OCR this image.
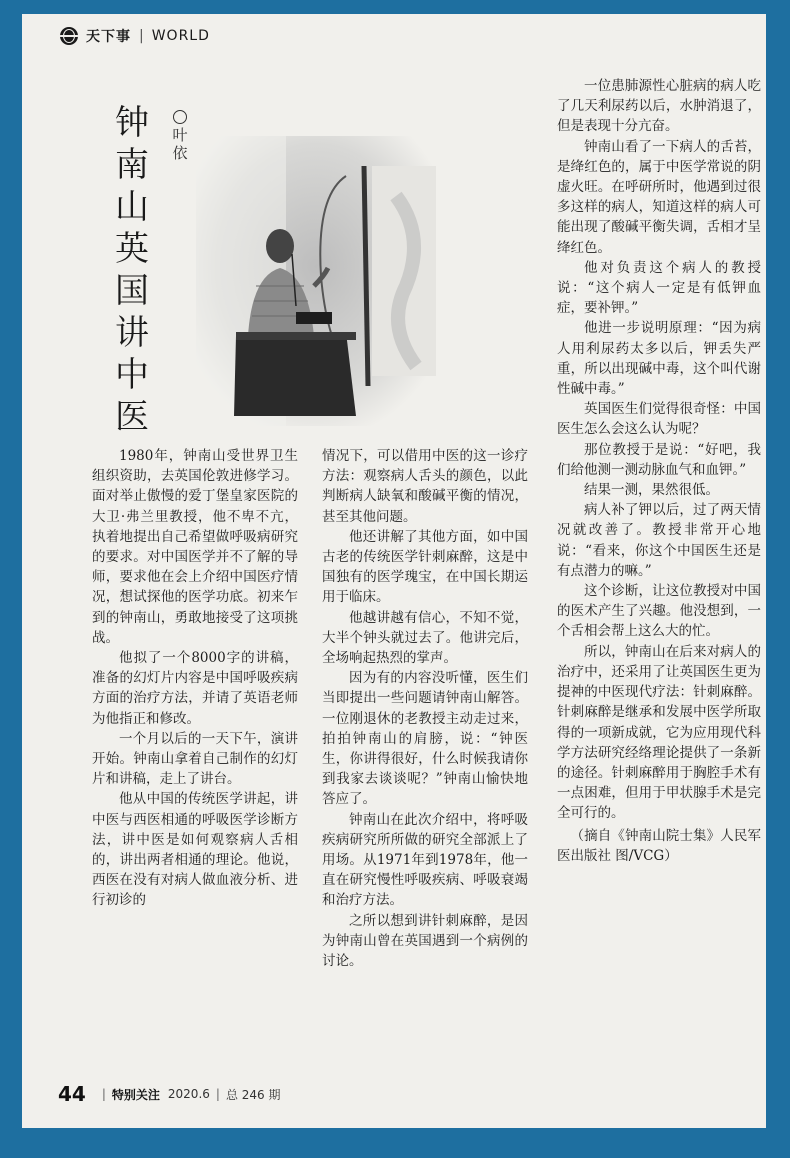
天下事 | WORLD
钟南山英国讲中医
叶依

1980年，钟南山受世界卫生组织资助，去英国伦敦进修学习。面对举止傲慢的爱丁堡皇家医院的大卫·弗兰里教授，他不卑不亢，执着地提出自己希望做呼吸病研究的要求。对中国医学并不了解的导师，要求他在会上介绍中国医疗情况，想试探他的医学功底。初来乍到的钟南山，勇敢地接受了这项挑战。

他拟了一个8000字的讲稿，准备的幻灯片内容是中国呼吸疾病方面的治疗方法，并请了英语老师为他指正和修改。

一个月以后的一天下午，演讲开始。钟南山拿着自己制作的幻灯片和讲稿，走上了讲台。

他从中国的传统医学讲起，讲中医与西医相通的呼吸医学诊断方法，讲中医是如何观察病人舌相的，讲出两者相通的理论。他说，西医在没有对病人做血液分析、进行初诊的

情况下，可以借用中医的这一诊疗方法：观察病人舌头的颜色，以此判断病人缺氧和酸碱平衡的情况，甚至其他问题。

他还讲解了其他方面，如中国古老的传统医学针刺麻醉，这是中国独有的医学瑰宝，在中国长期运用于临床。

他越讲越有信心，不知不觉，大半个钟头就过去了。他讲完后，全场响起热烈的掌声。

因为有的内容没听懂，医生们当即提出一些问题请钟南山解答。一位刚退休的老教授主动走过来，拍拍钟南山的肩膀，说：“钟医生，你讲得很好，什么时候我请你到我家去谈谈呢？”钟南山愉快地答应了。

钟南山在此次介绍中，将呼吸疾病研究所所做的研究全部派上了用场。从1971年到1978年，他一直在研究慢性呼吸疾病、呼吸衰竭和治疗方法。

之所以想到讲针刺麻醉，是因为钟南山曾在英国遇到一个病例的讨论。

一位患肺源性心脏病的病人吃了几天利尿药以后，水肿消退了，但是表现十分亢奋。

钟南山看了一下病人的舌苔，是绛红色的，属于中医学常说的阴虚火旺。在呼研所时，他遇到过很多这样的病人，知道这样的病人可能出现了酸碱平衡失调，舌相才呈绛红色。

他对负责这个病人的教授说：“这个病人一定是有低钾血症，要补钾。”

他进一步说明原理：“因为病人用利尿药太多以后，钾丢失严重，所以出现碱中毒，这个叫代谢性碱中毒。”

英国医生们觉得很奇怪：中国医生怎么会这么认为呢？

那位教授于是说：“好吧，我们给他测一测动脉血气和血钾。”

结果一测，果然很低。

病人补了钾以后，过了两天情况就改善了。教授非常开心地说：“看来，你这个中国医生还是有点潜力的嘛。”

这个诊断，让这位教授对中国的医术产生了兴趣。他没想到，一个舌相会帮上这么大的忙。

所以，钟南山在后来对病人的治疗中，还采用了让英国医生更为提神的中医现代疗法：针刺麻醉。针刺麻醉是继承和发展中医学所取得的一项新成就，它为应用现代科学方法研究经络理论提供了一条新的途径。针刺麻醉用于胸腔手术有一点困难，但用于甲状腺手术是完全可行的。

（摘自《钟南山院士集》人民军医出版社 图/VCG）

44 | 特别关注 2020.6 | 总 246 期
